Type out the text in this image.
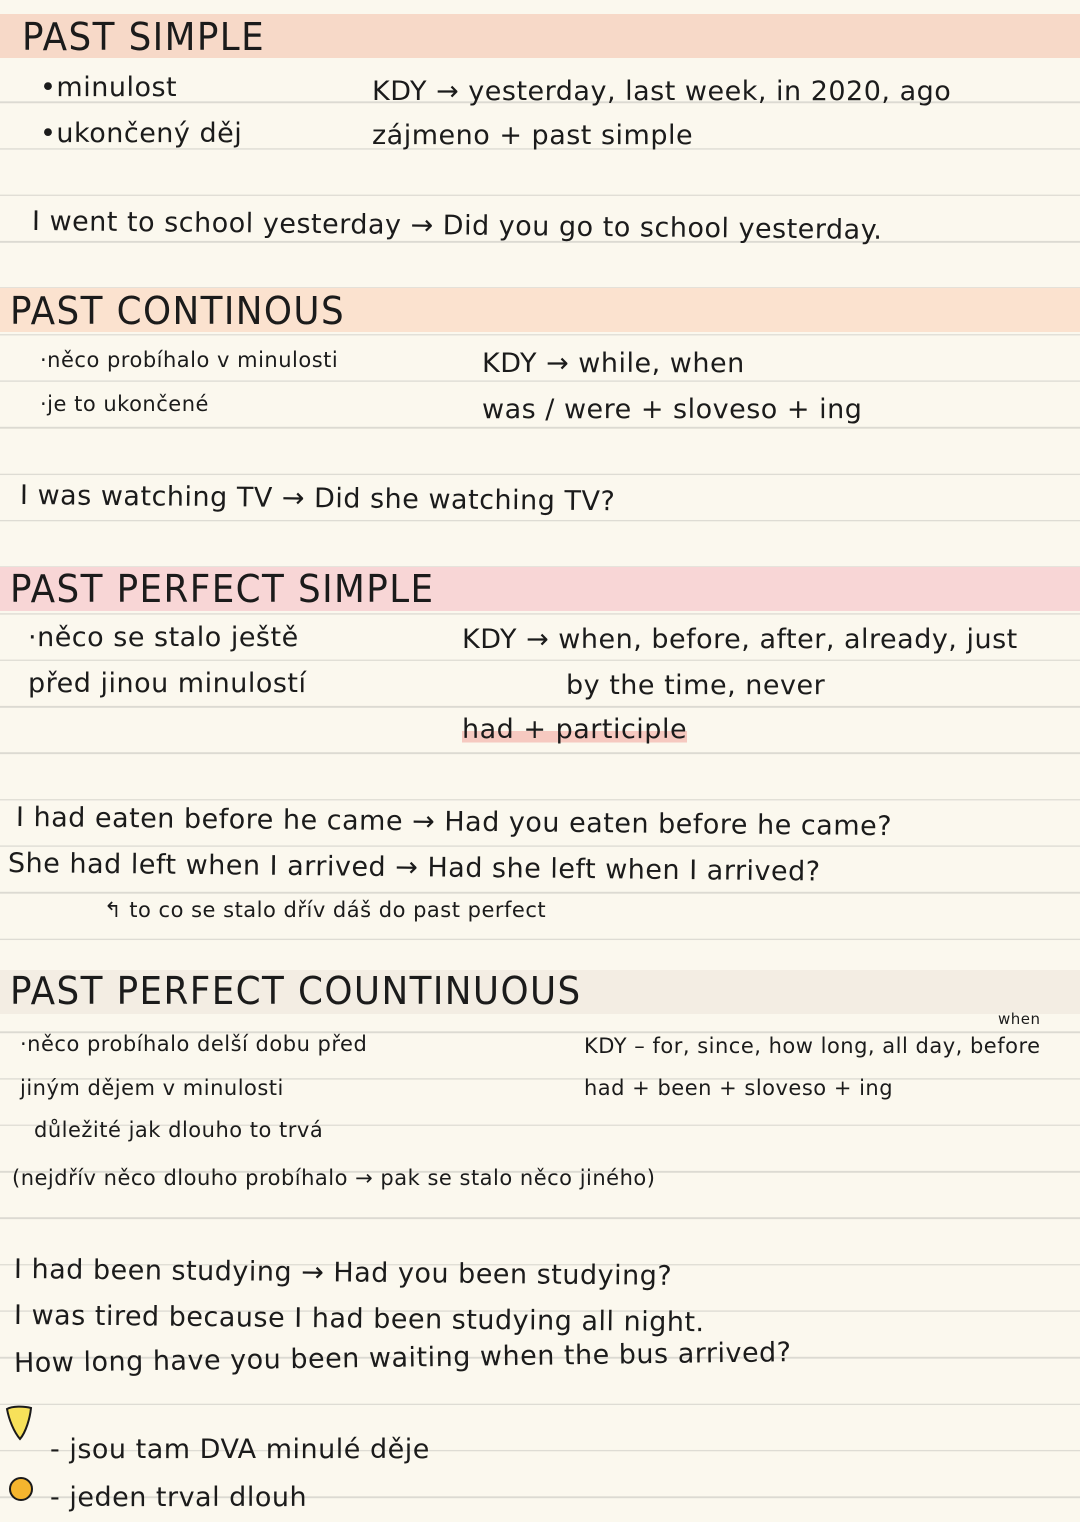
PAST SIMPLE
•minulost
•ukončený děj
KDY → yesterday, last week, in 2020, ago
zájmeno + past simple
I went to school yesterday → Did you go to school yesterday.
PAST CONTINOUS
·něco probíhalo v minulosti
·je to ukončené
KDY → while, when
was / were + sloveso + ing
I was watching TV → Did she watching TV?
PAST PERFECT SIMPLE
·něco se stalo ještě
před jinou minulostí
KDY → when, before, after, already, just
by the time, never
had + participle
I had eaten before he came → Had you eaten before he came?
She had left when I arrived → Had she left when I arrived?
↰ to co se stalo dřív dáš do past perfect
PAST PERFECT COUNTINUOUS
·něco probíhalo delší dobu před
jiným dějem v minulosti
důležité jak dlouho to trvá
(nejdřív něco dlouho probíhalo → pak se stalo něco jiného)
when
KDY – for, since, how long, all day, before
had + been + sloveso + ing
I had been studying → Had you been studying?
I was tired because I had been studying all night.
How long have you been waiting when the bus arrived?
- jsou tam DVA minulé děje
- jeden trval dlouh
